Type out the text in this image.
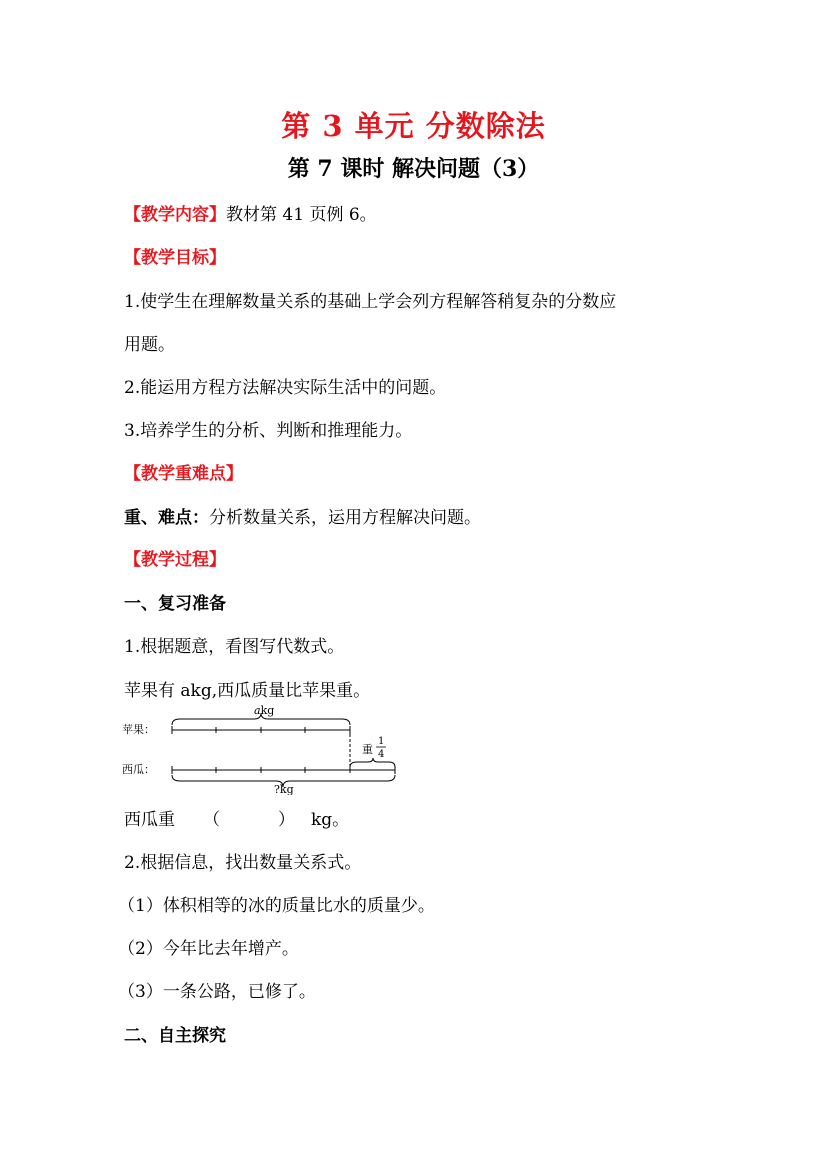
第 3 单元 分数除法
第 7 课时 解决问题（3）
【教学内容】教材第 41 页例 6。
【教学目标】
1.使学生在理解数量关系的基础上学会列方程解答稍复杂的分数应
用题。
2.能运用方程方法解决实际生活中的问题。
3.培养学生的分析、判断和推理能力。
【教学重难点】
重、难点：分析数量关系，运用方程解决问题。
【教学过程】
一、复习准备
1.根据题意，看图写代数式。
苹果有 akg,西瓜质量比苹果重。
苹果：
akg
重
1
4
西瓜：
?kg
西瓜重 （	） kg。
2.根据信息，找出数量关系式。
（1）体积相等的冰的质量比水的质量少。
（2）今年比去年增产。
（3）一条公路，已修了。
二、自主探究
